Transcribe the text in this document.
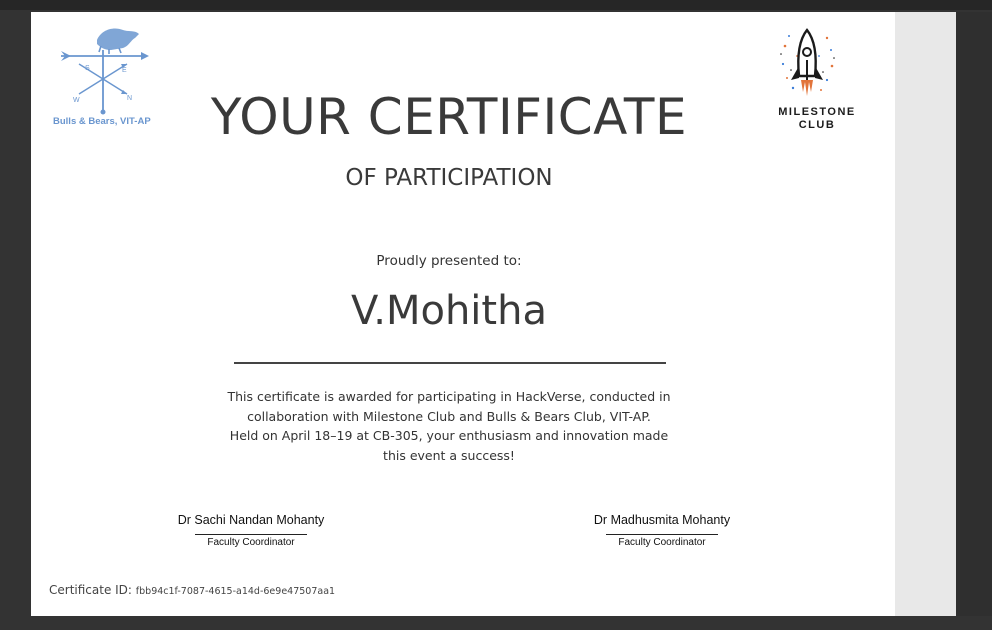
S	E
W	N
Bulls & Bears, VIT-AP
MILESTONE
CLUB
YOUR CERTIFICATE
OF PARTICIPATION
Proudly presented to:
V.Mohitha
This certificate is awarded for participating in HackVerse, conducted in
collaboration with Milestone Club and Bulls & Bears Club, VIT-AP.
Held on April 18–19 at CB-305, your enthusiasm and innovation made
this event a success!
Dr Sachi Nandan Mohanty
Faculty Coordinator
Dr Madhusmita Mohanty
Faculty Coordinator
Certificate ID: fbb94c1f-7087-4615-a14d-6e9e47507aa1
